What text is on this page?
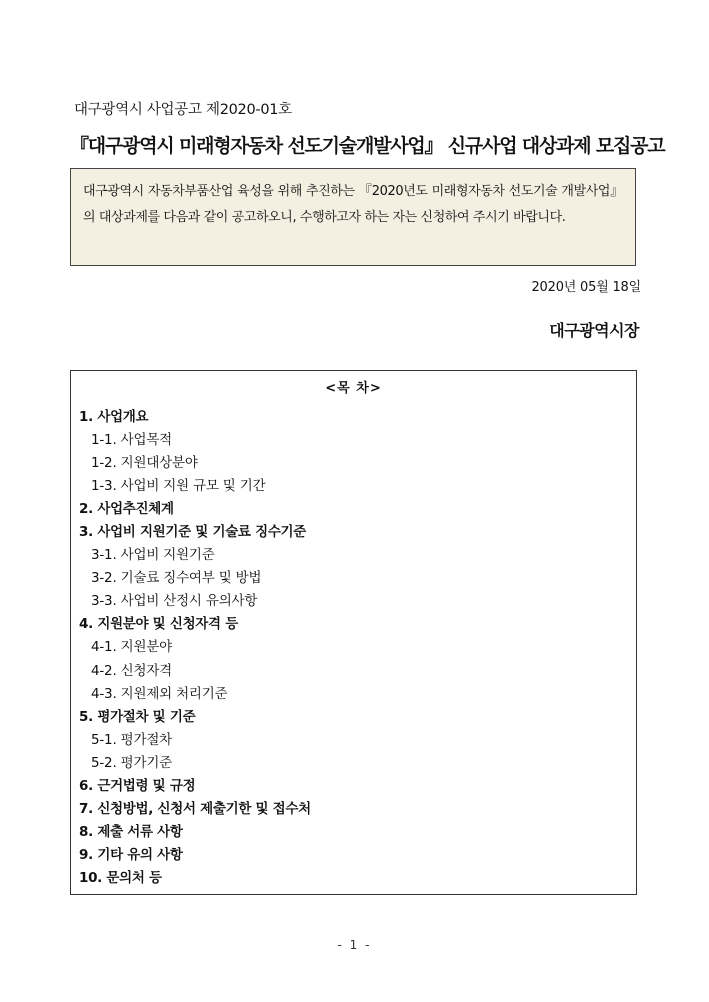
대구광역시 사업공고 제2020-01호
『대구광역시 미래형자동차 선도기술개발사업』 신규사업 대상과제 모집공고
대구광역시 자동차부품산업 육성을 위해 추진하는 『2020년도 미래형자동차 선도기술 개발사업』 의 대상과제를 다음과 같이 공고하오니, 수행하고자 하는 자는 신청하여 주시기 바랍니다.
2020년 05월 18일
대구광역시장
<목 차>
1. 사업개요
1-1. 사업목적
1-2. 지원대상분야
1-3. 사업비 지원 규모 및 기간
2. 사업추진체계
3. 사업비 지원기준 및 기술료 징수기준
3-1. 사업비 지원기준
3-2. 기술료 징수여부 및 방법
3-3. 사업비 산정시 유의사항
4. 지원분야 및 신청자격 등
4-1. 지원분야
4-2. 신청자격
4-3. 지원제외 처리기준
5. 평가절차 및 기준
5-1. 평가절차
5-2. 평가기준
6. 근거법령 및 규정
7. 신청방법, 신청서 제출기한 및 접수처
8. 제출 서류 사항
9. 기타 유의 사항
10. 문의처 등
- 1 -
